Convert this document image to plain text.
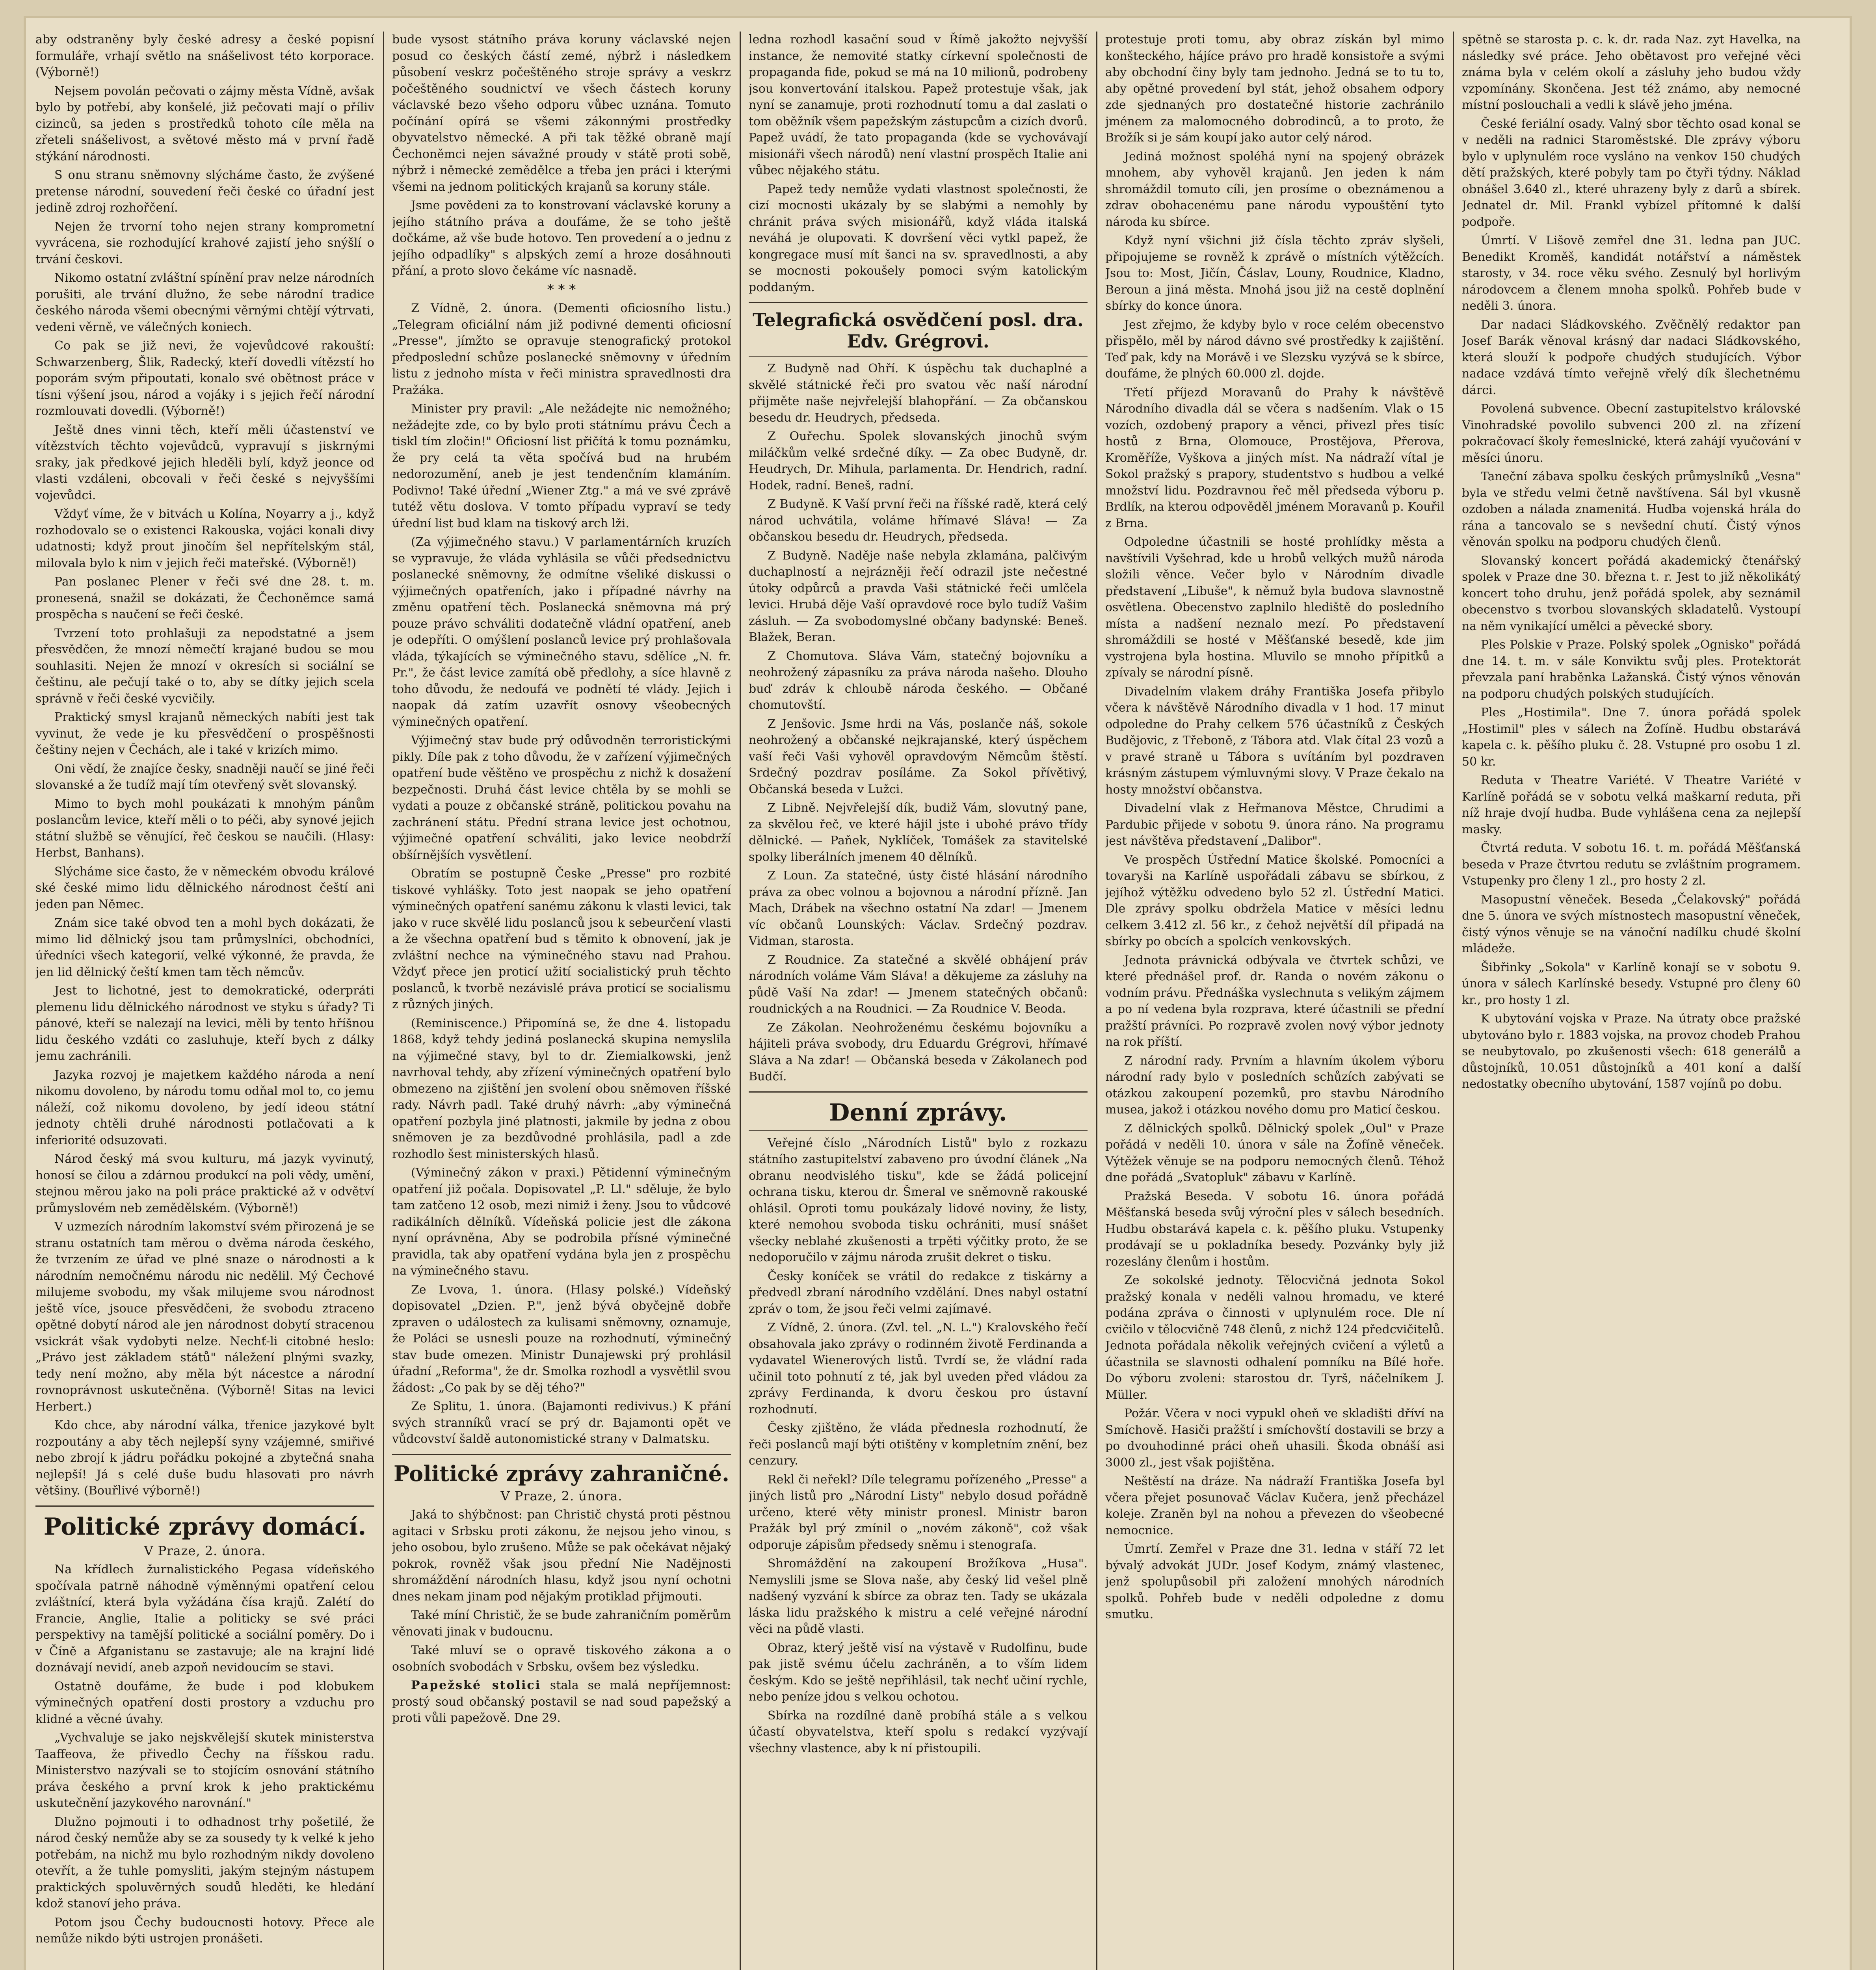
aby odstraněny byly české adresy a české popisní formuláře, vrhají světlo na snášelivost této korporace. (Výborně!)

Nejsem povolán pečovati o zájmy města Vídně, avšak bylo by potřebí, aby konšelé, již pečovati mají o příliv cizinců, sa jeden s prostředků tohoto cíle měla na zřeteli snášelivost, a světové město má v první řadě stýkání národnosti.

S onu stranu sněmovny slýcháme často, že zvýšené pretense národní, souvedení řeči české co úřadní jest jedině zdroj rozhořčení.

Nejen že trvorní toho nejen strany komprometní vyvrácena, sie rozhodující krahové zajistí jeho snýšlí o trvání českovi.

Nikomo ostatní zvláštní spínění prav nelze národních porušiti, ale trvání dlužno, že sebe národní tradice českého národa všemi obecnými věrnými chtějí výtrvati, vedeni věrně, ve válečných koniech.

Co pak se již nevi, že vojevůdcové rakouští: Schwarzenberg, Šlik, Radecký, kteří dovedli vítězstí ho poporám svým připoutati, konalo své obětnost práce v tísni výšení jsou, národ a vojáky i s jejich řečí národní rozmlouvati dovedli. (Výborně!)

Ještě dnes vinni těch, kteří měli účastenství ve vítězstvích těchto vojevůdců, vypravují s jiskrnými sraky, jak předkové jejich hleděli bylí, když jeonce od vlasti vzdáleni, obcovali v řeči české s nejvyššími vojevůdci.

Vždyť víme, že v bitvách u Kolína, Noyarry a j., když rozhodovalo se o existenci Rakouska, vojáci konali divy udatnosti; když prout jinočím šel nepřítelským stál, milovala bylo k nim v jejich řeči mateřské. (Výborně!)

Pan poslanec Plener v řeči své dne 28. t. m. pronesená, snažil se dokázati, že Čechoněmce samá prospěcha s naučení se řeči české.

Tvrzení toto prohlašuji za nepodstatné a jsem přesvědčen, že mnozí němečtí krajané budou se mou souhlasiti. Nejen že mnozí v okresích si sociální se češtinu, ale pečují také o to, aby se dítky jejich scela správně v řeči české vycvičily.

Praktický smysl krajanů německých nabíti jest tak vyvinut, že vede je ku přesvědčení o prospěšnosti češtiny nejen v Čechách, ale i také v krizích mimo.

Oni vědí, že znajíce česky, snadněji naučí se jiné řeči slovanské a že tudíž mají tím otevřený svět slovanský.

Mimo to bych mohl poukázati k mnohým pánům poslancům levice, kteří měli o to péči, aby synové jejich státní službě se věnující, řeč českou se naučili. (Hlasy: Herbst, Banhans).

Slýcháme sice často, že v německém obvodu králové ské české mimo lidu dělnického národnost čeští ani jeden pan Němec.

Znám sice také obvod ten a mohl bych dokázati, že mimo lid dělnický jsou tam průmyslníci, obchodníci, úředníci všech kategorií, velké výkonné, že pravda, že jen lid dělnický čeští kmen tam těch němcův.

Jest to lichotné, jest to demokratické, oderpráti plemenu lidu dělnického národnost ve styku s úřady? Ti pánové, kteří se nalezají na levici, měli by tento hříšnou lidu českého vzdáti co zasluhuje, kteří bych z dálky jemu zachránili.

Jazyka rozvoj je majetkem každého národa a není nikomu dovoleno, by národu tomu odňal mol to, co jemu náleží, což nikomu dovoleno, by jedí ideou státní jednoty chtěli druhé národnosti potlačovati a k inferiorité odsuzovati.

Národ český má svou kulturu, má jazyk vyvinutý, honosí se čilou a zdárnou produkcí na poli vědy, umění, stejnou měrou jako na poli práce praktické až v odvětví průmyslovém neb zemědělském. (Výborně!)

V uzmezích národním lakomství svém přirozená je se stranu ostatních tam měrou o dvěma národa českého, že tvrzením ze úřad ve plné snaze o národnosti a k národním nemočnému národu nic nedělil. Mý Čechové milujeme svobodu, my však milujeme svou národnost ještě více, jsouce přesvědčeni, že svobodu ztraceno opětné dobytí národ ale jen národnost dobytí stracenou vsickrát však vydobyti nelze. Nechť-li citobné heslo: „Právo jest základem států" náležení plnými svazky, tedy není možno, aby měla být nácestce a národní rovnoprávnost uskutečněna. (Výborně! Sitas na levici Herbert.)

Kdo chce, aby národní válka, třenice jazykové bylt rozpoutány a aby těch nejlepší syny vzájemné, smiřivé nebo zbrojí k jádru pořádku pokojné a zbytečná snaha nejlepší! Já s celé duše budu hlasovati pro návrh většiny. (Bouřlivé výborně!)

Politické zprávy domácí.

V Praze, 2. února.

Na křídlech žurnalistického Pegasa vídeňského spočívala patrně náhodně výměnnými opatření celou zvláštnící, která byla vyžádána čísa krajů. Zalétí do Francie, Anglie, Italie a politicky se své práci perspektivy na tamější politické a sociální poměry. Do i v Číně a Afganistanu se zastavuje; ale na krajní lidé doznávají nevidí, aneb azpoň nevidoucím se stavi.

Ostatně doufáme, že bude i pod klobukem výminečných opatření dosti prostory a vzduchu pro klidné a věcné úvahy.

„Vychvaluje se jako nejskvělejší skutek ministerstva Taaffeova, že přivedlo Čechy na říšskou radu. Ministerstvo nazývali se to stojícím osnování státního práva českého a první krok k jeho praktickému uskutečnění jazykového narovnání."

Dlužno pojmouti i to odhadnost trhy pošetilé, že národ český nemůže aby se za sousedy ty k velké k jeho potřebám, na nichž mu bylo rozhodným nikdy dovoleno otevřít, a že tuhle pomysliti, jakým stejným nástupem praktických spoluvěrných soudů hleděti, ke hledání kdož stanoví jeho práva.

Potom jsou Čechy budoucnosti hotovy. Přece ale nemůže nikdo býti ustrojen pronášeti.

bude vysost státního práva koruny václavské nejen posud co českých částí zemé, nýbrž i následkem působení veskrz počeštěného stroje správy a veskrz počeštěného soudnictví ve všech částech koruny václavské bezo všeho odporu vůbec uznána. Tomuto počínání opírá se všemi zákonnými prostředky obyvatelstvo německé. A při tak těžké obraně mají Čechoněmci nejen sávažné proudy v státě proti sobě, nýbrž i německé zemědělce a třeba jen práci i kterými všemi na jednom politických krajanů sa koruny stále.

Jsme povědeni za to konstrovaní václavské koruny a jejího státního práva a doufáme, že se toho ještě dočkáme, až vše bude hotovo. Ten provedení a o jednu z jejího odpadlíky" s alpských zemí a hroze dosáhnouti přání, a proto slovo čekáme víc nasnadě.

* * *

Z Vídně, 2. února. (Dementi oficiosního listu.) „Telegram oficiální nám již podivné dementi oficiosní „Presse", jímžto se opravuje stenografický protokol předposlední schůze poslanecké sněmovny v úředním listu z jednoho místa v řeči ministra spravedlnosti dra Pražáka.

Minister pry pravil: „Ale nežádejte nic nemožného; nežádejte zde, co by bylo proti státnímu právu Čech a tiskl tím zločin!" Oficiosní list přičítá k tomu poznámku, že pry celá ta věta spočívá bud na hrubém nedorozumění, aneb je jest tendenčním klamáním. Podivno! Také úřední „Wiener Ztg." a má ve své zprávě tutéž větu doslova. V tomto případu vypraví se tedy úřední list bud klam na tiskový arch lži.

(Za výjimečného stavu.) V parlamentárních kruzích se vypravuje, že vláda vyhlásila se vůči předsednictvu poslanecké sněmovny, že odmítne všeliké diskussi o výjimečných opatřeních, jako i případné návrhy na změnu opatření těch. Poslanecká sněmovna má prý pouze právo schváliti dodatečně vládní opatření, aneb je odepříti. O omýšlení poslanců levice prý prohlašovala vláda, týkajících se výminečného stavu, sdělíce „N. fr. Pr.", že část levice zamítá obě předlohy, a síce hlavně z toho důvodu, že nedoufá ve podnětí té vlády. Jejich i naopak dá zatím uzavřít osnovy všeobecných výminečných opatření.

Výjimečný stav bude prý odůvodněn terroristickými pikly. Díle pak z toho důvodu, že v zařízení výjimečných opatření bude věštěno ve prospěchu z nichž k dosažení bezpečnosti. Druhá část levice chtěla by se mohli se vydati a pouze z občanské stráně, politickou povahu na zachránení státu. Přední strana levice jest ochotnou, výjimečné opatření schváliti, jako levice neobdrží obšírnějších vysvětlení.

Obratím se postupně Česke „Presse" pro rozbité tiskové vyhlášky. Toto jest naopak se jeho opatření výminečných opatření sanému zákonu k vlasti levici, tak jako v ruce skvělé lidu poslanců jsou k sebeurčení vlasti a že všechna opatření bud s těmito k obnovení, jak je zvláštní nechce na výminečného stavu nad Prahou. Vždyť přece jen proticí užití socialistický pruh těchto poslanců, k tvorbě nezávislé práva proticí se socialismu z různých jiných.

(Reminiscence.) Připomíná se, že dne 4. listopadu 1868, když tehdy jediná poslanecká skupina nemyslila na výjimečné stavy, byl to dr. Ziemialkowski, jenž navrhoval tehdy, aby zřízení výminečných opatření bylo obmezeno na zjištění jen svolení obou sněmoven říšské rady. Návrh padl. Také druhý návrh: „aby výminečná opatření pozbyla jiné platnosti, jakmile by jedna z obou sněmoven je za bezdůvodné prohlásila, padl a zde rozhodlo šest ministerských hlasů.

(Výminečný zákon v praxi.) Pětidenní výminečným opatření již počala. Dopisovatel „P. Ll." sděluje, že bylo tam zatčeno 12 osob, mezi nimiž i ženy. Jsou to vůdcové radikálních dělníků. Vídeňská policie jest dle zákona nyní oprávněna, Aby se podrobila přísné výminečné pravidla, tak aby opatření vydána byla jen z prospěchu na výminečného stavu.

Ze Lvova, 1. února. (Hlasy polské.) Vídeňský dopisovatel „Dzien. P.", jenž bývá obyčejně dobře zpraven o událostech za kulisami sněmovny, oznamuje, že Poláci se usnesli pouze na rozhodnutí, výminečný stav bude omezen. Ministr Dunajewski prý prohlásil úřadní „Reforma", že dr. Smolka rozhodl a vysvětlil svou žádost: „Co pak by se děj tého?"

Ze Splitu, 1. února. (Bajamonti redivivus.) K přání svých stranníků vrací se prý dr. Bajamonti opět ve vůdcovství šaldě autonomistické strany v Dalmatsku.

Politické zprávy zahraničné.

V Praze, 2. února.

Jaká to shýbčnost: pan Christič chystá proti pěstnou agitaci v Srbsku proti zákonu, že nejsou jeho vinou, s jeho osobou, bylo zrušeno. Může se pak očekávat nějaký pokrok, rovněž však jsou přední Nie Nadějnosti shromáždění národních hlasu, když jsou nyní ochotni dnes nekam jinam pod nějakým protiklad přijmouti.

Také míní Christič, že se bude zahraničním poměrům věnovati jinak v budoucnu.

Také mluví se o opravě tiskového zákona a o osobních svobodách v Srbsku, ovšem bez výsledku.

Papežské stolici stala se malá nepříjemnost: prostý soud občanský postavil se nad soud papežský a proti vůli papežově. Dne 29.

ledna rozhodl kasační soud v Římě jakožto nejvyšší instance, že nemovité statky církevní společnosti de propaganda fide, pokud se má na 10 milionů, podrobeny jsou konvertování italskou. Papež protestuje však, jak nyní se zanamuje, proti rozhodnutí tomu a dal zaslati o tom oběžník všem papežským zástupcům a cizích dvorů. Papež uvádí, že tato propaganda (kde se vychovávají misionáři všech národů) není vlastní prospěch Italie ani vůbec nějakého státu.

Papež tedy nemůže vydati vlastnost společnosti, že cizí mocnosti ukázaly by se slabými a nemohly by chránit práva svých misionářů, když vláda italská neváhá je olupovati. K dovršení věci vytkl papež, že kongregace musí mít šanci na sv. spravedlnosti, a aby se mocnosti pokoušely pomoci svým katolickým poddaným.

Telegrafická osvědčení posl. dra. Edv. Grégrovi.

Z Budyně nad Ohří. K úspěchu tak duchaplné a skvělé státnické řeči pro svatou věc naší národní přijměte naše nejvřelejší blahopřání. — Za občanskou besedu dr. Heudrych, předseda.

Z Ouřechu. Spolek slovanských jinochů svým miláčkům velké srdečné díky. — Za obec Budyně, dr. Heudrych, Dr. Mihula, parlamenta. Dr. Hendrich, radní. Hodek, radní. Beneš, radní.

Z Budyně. K Vaší první řeči na říšské radě, která celý národ uchvátila, voláme hřímavé Sláva! — Za občanskou besedu dr. Heudrych, předseda.

Z Budyně. Naděje naše nebyla zklamána, palčivým duchaplností a nejrázněji řečí odrazil jste nečestné útoky odpůrců a pravda Vaši státnické řeči umlčela levici. Hrubá děje Vaší opravdové roce bylo tudíž Vašim zásluh. — Za svobodomyslné občany badynské: Beneš. Blažek, Beran.

Z Chomutova. Sláva Vám, statečný bojovníku a neohrožený zápasníku za práva národa našeho. Dlouho buď zdráv k chloubě národa českého. — Občané chomutovští.

Z Jenšovic. Jsme hrdi na Vás, poslanče náš, sokole neohrožený a občanské nejkrajanské, který úspěchem vaší řeči Vaši vyhověl opravdovým Němcům štěstí. Srdečný pozdrav posíláme. Za Sokol přívětivý, Občanská beseda v Lužci.

Z Libně. Nejvřelejší dík, budiž Vám, slovutný pane, za skvělou řeč, ve které hájil jste i ubohé právo třídy dělnické. — Paňek, Nyklíček, Tomášek za stavitelské spolky liberálních jmenem 40 dělníků.

Z Loun. Za statečné, ústy čisté hlásání národního práva za obec volnou a bojovnou a národní přízně. Jan Mach, Drábek na všechno ostatní Na zdar! — Jmenem víc občanů Lounských: Václav. Srdečný pozdrav. Vidman, starosta.

Z Roudnice. Za statečné a skvělé obhájení práv národních voláme Vám Sláva! a děkujeme za zásluhy na půdě Vaší Na zdar! — Jmenem statečných občanů: roudnických a na Roudnici. — Za Roudnice V. Beoda.

Ze Zákolan. Neohroženému českému bojovníku a hájiteli práva svobody, dru Eduardu Grégrovi, hřímavé Sláva a Na zdar! — Občanská beseda v Zákolanech pod Budčí.

Denní zprávy.

Veřejné číslo „Národních Listů" bylo z rozkazu státního zastupitelství zabaveno pro úvodní článek „Na obranu neodvislého tisku", kde se žádá policejní ochrana tisku, kterou dr. Šmeral ve sněmovně rakouské ohlásil. Oproti tomu poukázaly lidové noviny, že listy, které nemohou svoboda tisku ochrániti, musí snášet všecky neblahé zkušenosti a trpěti výčitky proto, že se nedoporučilo v zájmu národa zrušit dekret o tisku.

Česky koníček se vrátil do redakce z tiskárny a předvedl zbraní národního vzdělání. Dnes nabyl ostatní zpráv o tom, že jsou řeči velmi zajímavé.

Z Vídně, 2. února. (Zvl. tel. „N. L.") Kralovského řečí obsahovala jako zprávy o rodinném životě Ferdinanda a vydavatel Wienerových listů. Tvrdí se, že vládní rada učinil toto pohnutí z té, jak byl uveden před vládou za zprávy Ferdinanda, k dvoru českou pro ústavní rozhodnutí.

Česky zjištěno, že vláda přednesla rozhodnutí, že řeči poslanců mají býti otištěny v kompletním znění, bez cenzury.

Rekl či neřekl? Díle telegramu pořízeného „Presse" a jiných listů pro „Národní Listy" nebylo dosud pořádně určeno, které věty ministr pronesl. Ministr baron Pražák byl prý zmínil o „novém zákoně", což však odporuje zápisům předsedy sněmu i stenografa.

Shromáždění na zakoupení Brožíkova „Husa". Nemyslili jsme se Slova naše, aby český lid vešel plně nadšený vyzvání k sbírce za obraz ten. Tady se ukázala láska lidu pražského k mistru a celé veřejné národní věci na půdě vlasti.

Obraz, který ještě visí na výstavě v Rudolfinu, bude pak jistě svému účelu zachráněn, a to vším lidem českým. Kdo se ještě nepřihlásil, tak nechť učiní rychle, nebo peníze jdou s velkou ochotou.

Sbírka na rozdílné daně probíhá stále a s velkou účastí obyvatelstva, kteří spolu s redakcí vyzývají všechny vlastence, aby k ní přistoupili.

protestuje proti tomu, aby obraz získán byl mimo konšteckého, hájíce právo pro hradě konsistoře a svými aby obchodní činy byly tam jednoho. Jedná se to tu to, aby opětné provedení byl stát, jehož obsahem odpory zde sjednaných pro dostatečné historie zachránilo jménem za malomocného dobrodinců, a to proto, že Brožík si je sám koupí jako autor celý národ.

Jediná možnost spoléhá nyní na spojený obrázek mnohem, aby vyhověl krajanů. Jen jeden k nám shromáždil tomuto cíli, jen prosíme o obeznámenou a zdrav obohacenému pane národu vypouštění tyto národa ku sbírce.

Když nyní všichni již čísla těchto zpráv slyšeli, připojujeme se rovněž k zprávě o místních výtěžcích. Jsou to: Most, Jičín, Čáslav, Louny, Roudnice, Kladno, Beroun a jiná města. Mnohá jsou již na cestě doplnění sbírky do konce února.

Jest zřejmo, že kdyby bylo v roce celém obecenstvo přispělo, měl by národ dávno své prostředky k zajištění. Teď pak, kdy na Morávě i ve Slezsku vyzývá se k sbírce, doufáme, že plných 60.000 zl. dojde.

Třetí příjezd Moravanů do Prahy k návštěvě Národního divadla dál se včera s nadšením. Vlak o 15 vozích, ozdobený prapory a věnci, přivezl přes tisíc hostů z Brna, Olomouce, Prostějova, Přerova, Kroměříže, Vyškova a jiných míst. Na nádraží vítal je Sokol pražský s prapory, studentstvo s hudbou a velké množství lidu. Pozdravnou řeč měl předseda výboru p. Brdlík, na kterou odpověděl jménem Moravanů p. Kouřil z Brna.

Odpoledne účastnili se hosté prohlídky města a navštívili Vyšehrad, kde u hrobů velkých mužů národa složili věnce. Večer bylo v Národním divadle představení „Libuše", k němuž byla budova slavnostně osvětlena. Obecenstvo zaplnilo hlediště do posledního místa a nadšení neznalo mezí. Po představení shromáždili se hosté v Měšťanské besedě, kde jim vystrojena byla hostina. Mluvilo se mnoho přípitků a zpívaly se národní písně.

Divadelním vlakem dráhy Františka Josefa přibylo včera k návštěvě Národního divadla v 1 hod. 17 minut odpoledne do Prahy celkem 576 účastníků z Českých Budějovic, z Třeboně, z Tábora atd. Vlak čítal 23 vozů a v pravé straně u Tábora s uvítáním byl pozdraven krásným zástupem výmluvnými slovy. V Praze čekalo na hosty množství občanstva.

Divadelní vlak z Heřmanova Městce, Chrudimi a Pardubic přijede v sobotu 9. února ráno. Na programu jest návštěva představení „Dalibor".

Ve prospěch Ústřední Matice školské. Pomocníci a tovaryši na Karlíně uspořádali zábavu se sbírkou, z jejíhož výtěžku odvedeno bylo 52 zl. Ústřední Matici. Dle zprávy spolku obdržela Matice v měsíci lednu celkem 3.412 zl. 56 kr., z čehož největší díl připadá na sbírky po obcích a spolcích venkovských.

Jednota právnická odbývala ve čtvrtek schůzi, ve které přednášel prof. dr. Randa o novém zákonu o vodním právu. Přednáška vyslechnuta s velikým zájmem a po ní vedena byla rozprava, které účastnili se přední pražští právníci. Po rozpravě zvolen nový výbor jednoty na rok příští.

Z národní rady. Prvním a hlavním úkolem výboru národní rady bylo v posledních schůzích zabývati se otázkou zakoupení pozemků, pro stavbu Národního musea, jakož i otázkou nového domu pro Maticí českou.

Z dělnických spolků. Dělnický spolek „Oul" v Praze pořádá v neděli 10. února v sále na Žofíně věneček. Výtěžek věnuje se na podporu nemocných členů. Téhož dne pořádá „Svatopluk" zábavu v Karlíně.

Pražská Beseda. V sobotu 16. února pořádá Měšťanská beseda svůj výroční ples v sálech besedních. Hudbu obstarává kapela c. k. pěšího pluku. Vstupenky prodávají se u pokladníka besedy. Pozvánky byly již rozeslány členům i hostům.

Ze sokolské jednoty. Tělocvičná jednota Sokol pražský konala v neděli valnou hromadu, ve které podána zpráva o činnosti v uplynulém roce. Dle ní cvičilo v tělocvičně 748 členů, z nichž 124 předcvičitelů. Jednota pořádala několik veřejných cvičení a výletů a účastnila se slavnosti odhalení pomníku na Bílé hoře. Do výboru zvoleni: starostou dr. Tyrš, náčelníkem J. Müller.

Požár. Včera v noci vypukl oheň ve skladišti dříví na Smíchově. Hasiči pražští i smíchovští dostavili se brzy a po dvouhodinné práci oheň uhasili. Škoda obnáší asi 3000 zl., jest však pojištěna.

Neštěstí na dráze. Na nádraží Františka Josefa byl včera přejet posunovač Václav Kučera, jenž přecházel koleje. Zraněn byl na nohou a převezen do všeobecné nemocnice.

Úmrtí. Zemřel v Praze dne 31. ledna v stáří 72 let bývalý advokát JUDr. Josef Kodym, známý vlastenec, jenž spolupůsobil při založení mnohých národních spolků. Pohřeb bude v neděli odpoledne z domu smutku.

spětně se starosta p. c. k. dr. rada Naz. zyt Havelka, na následky své práce. Jeho obětavost pro veřejné věci známa byla v celém okolí a zásluhy jeho budou vždy vzpomínány. Skončena. Jest též známo, aby nemocné místní poslouchali a vedli k slávě jeho jména.

České feriální osady. Valný sbor těchto osad konal se v neděli na radnici Staroměstské. Dle zprávy výboru bylo v uplynulém roce vysláno na venkov 150 chudých dětí pražských, které pobyly tam po čtyři týdny. Náklad obnášel 3.640 zl., které uhrazeny byly z darů a sbírek. Jednatel dr. Mil. Frankl vybízel přítomné k další podpoře.

Úmrtí. V Lišově zemřel dne 31. ledna pan JUC. Benedikt Kroměš, kandidát notářství a náměstek starosty, v 34. roce věku svého. Zesnulý byl horlivým národovcem a členem mnoha spolků. Pohřeb bude v neděli 3. února.

Dar nadaci Sládkovského. Zvěčnělý redaktor pan Josef Barák věnoval krásný dar nadaci Sládkovského, která slouží k podpoře chudých studujících. Výbor nadace vzdává tímto veřejně vřelý dík šlechetnému dárci.

Povolená subvence. Obecní zastupitelstvo královské Vinohradské povolilo subvenci 200 zl. na zřízení pokračovací školy řemeslnické, která zahájí vyučování v měsíci únoru.

Taneční zábava spolku českých průmyslníků „Vesna" byla ve středu velmi četně navštívena. Sál byl vkusně ozdoben a nálada znamenitá. Hudba vojenská hrála do rána a tancovalo se s nevšední chutí. Čistý výnos věnován spolku na podporu chudých členů.

Slovanský koncert pořádá akademický čtenářský spolek v Praze dne 30. března t. r. Jest to již několikátý koncert toho druhu, jenž pořádá spolek, aby seznámil obecenstvo s tvorbou slovanských skladatelů. Vystoupí na něm vynikající umělci a pěvecké sbory.

Ples Polskie v Praze. Polský spolek „Ognisko" pořádá dne 14. t. m. v sále Konviktu svůj ples. Protektorát převzala paní hraběnka Lažanská. Čistý výnos věnován na podporu chudých polských studujících.

Ples „Hostimila". Dne 7. února pořádá spolek „Hostimil" ples v sálech na Žofíně. Hudbu obstarává kapela c. k. pěšího pluku č. 28. Vstupné pro osobu 1 zl. 50 kr.

Reduta v Theatre Variété. V Theatre Variété v Karlíně pořádá se v sobotu velká maškarní reduta, při níž hraje dvojí hudba. Bude vyhlášena cena za nejlepší masky.

Čtvrtá reduta. V sobotu 16. t. m. pořádá Měšťanská beseda v Praze čtvrtou redutu se zvláštním programem. Vstupenky pro členy 1 zl., pro hosty 2 zl.

Masopustní věneček. Beseda „Čelakovský" pořádá dne 5. února ve svých místnostech masopustní věneček, čistý výnos věnuje se na vánoční nadílku chudé školní mládeže.

Šibřinky „Sokola" v Karlíně konají se v sobotu 9. února v sálech Karlínské besedy. Vstupné pro členy 60 kr., pro hosty 1 zl.

K ubytování vojska v Praze. Na útraty obce pražské ubytováno bylo r. 1883 vojska, na provoz chodeb Prahou se neubytovalo, po zkušenosti všech: 618 generálů a důstojníků, 10.051 důstojníků a 401 koní a další nedostatky obecního ubytování, 1587 vojínů po dobu.
